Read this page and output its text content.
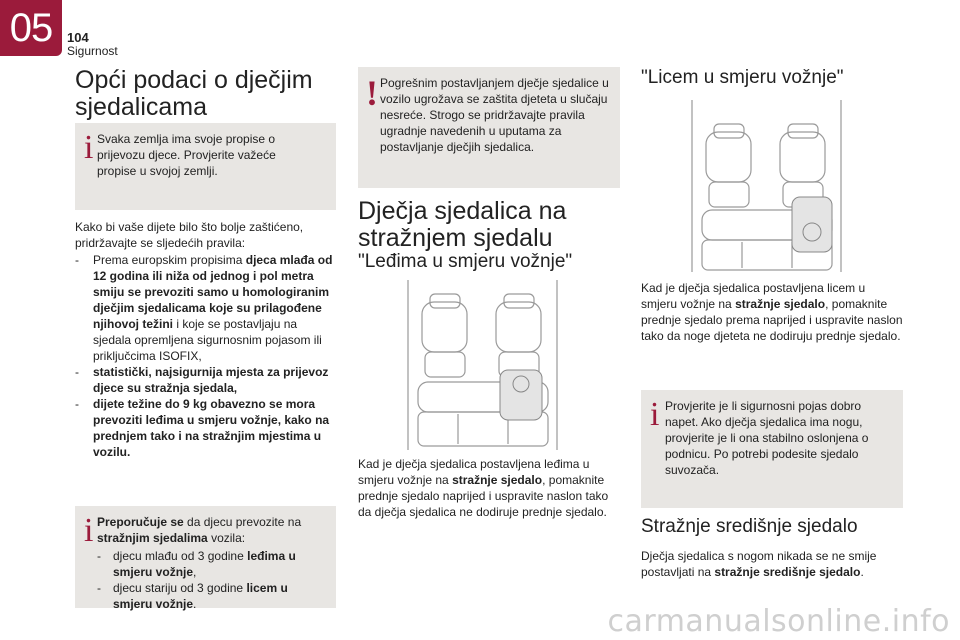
05	104
Sigurnost
Opći podaci o dječjim sjedalicama
i Svaka zemlja ima svoje propise o prijevozu djece. Provjerite važeće propise u svojoj zemlji.
Kako bi vaše dijete bilo što bolje zaštićeno, pridržavajte se sljedećih pravila:
-	Prema europskim propisima djeca mlađa od 12 godina ili niža od jednog i pol metra smiju se prevoziti samo u homologiranim dječjim sjedalicama koje su prilagođene njihovoj težini i koje se postavljaju na sjedala opremljena sigurnosnim pojasom ili priključcima ISOFIX,
-	statistički, najsigurnija mjesta za prijevoz djece su stražnja sjedala,
-	dijete težine do 9 kg obavezno se mora prevoziti leđima u smjeru vožnje, kako na prednjem tako i na stražnjim mjestima u vozilu.
i Preporučuje se da djecu prevozite na stražnjim sjedalima vozila:
-	djecu mlađu od 3 godine leđima u smjeru vožnje,
-	djecu stariju od 3 godine licem u smjeru vožnje.
! Pogrešnim postavljanjem dječje sjedalice u vozilo ugrožava se zaštita djeteta u slučaju nesreće. Strogo se pridržavajte pravila ugradnje navedenih u uputama za postavljanje dječjih sjedalica.
Dječja sjedalica na stražnjem sjedalu
"Leđima u smjeru vožnje"
Kad je dječja sjedalica postavljena leđima u smjeru vožnje na stražnje sjedalo, pomaknite prednje sjedalo naprijed i uspravite naslon tako da dječja sjedalica ne dodiruje prednje sjedalo.
"Licem u smjeru vožnje"
Kad je dječja sjedalica postavljena licem u smjeru vožnje na stražnje sjedalo, pomaknite prednje sjedalo prema naprijed i uspravite naslon tako da noge djeteta ne dodiruju prednje sjedalo.
i Provjerite je li sigurnosni pojas dobro napet. Ako dječja sjedalica ima nogu, provjerite je li ona stabilno oslonjena o podnicu. Po potrebi podesite sjedalo suvozača.
Stražnje središnje sjedalo
Dječja sjedalica s nogom nikada se ne smije postavljati na stražnje središnje sjedalo.
carmanualsonline.info
